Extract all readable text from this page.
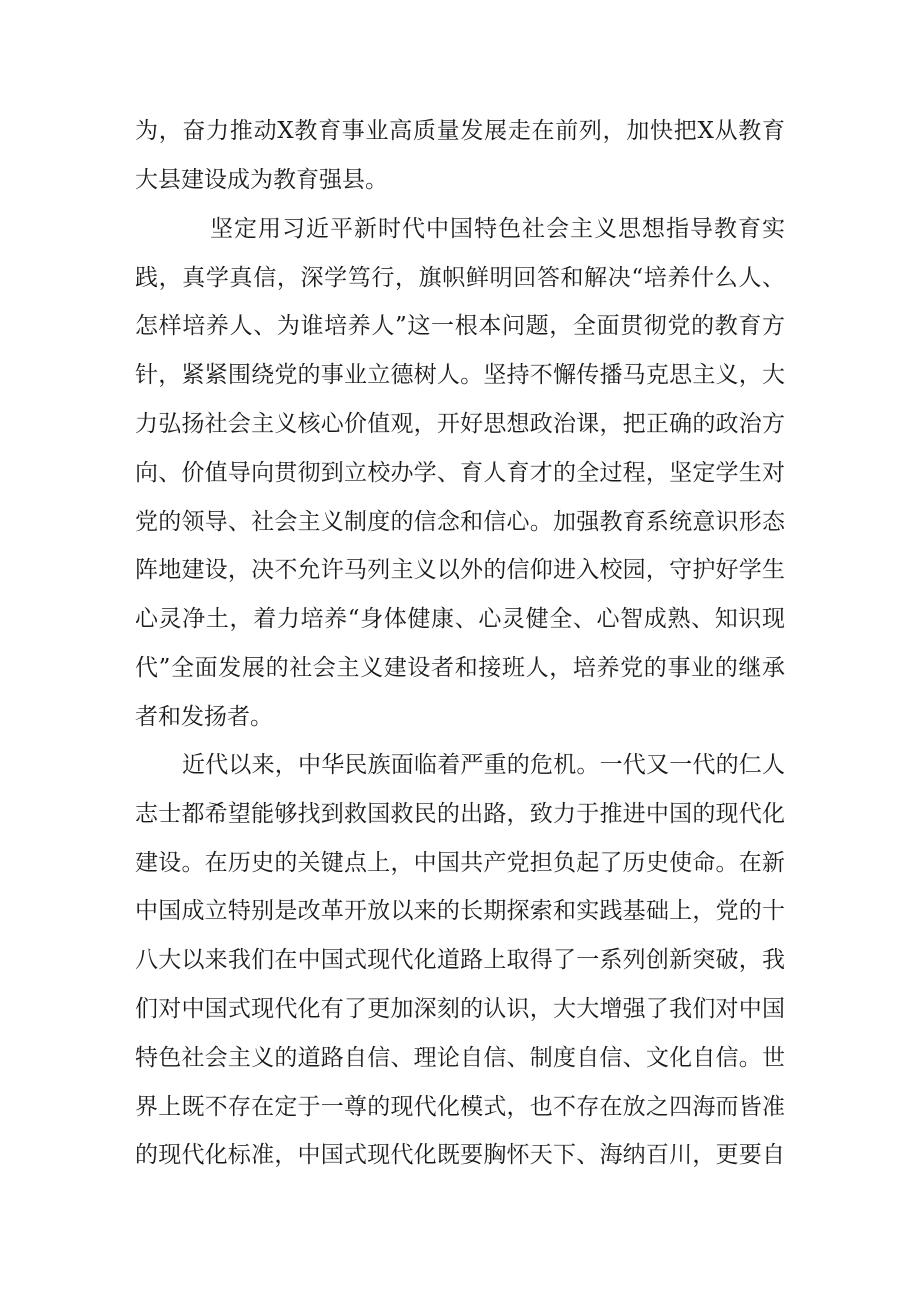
为，奋力推动X教育事业高质量发展走在前列，加快把X从教育
大县建设成为教育强县。
坚定用习近平新时代中国特色社会主义思想指导教育实
践，真学真信，深学笃行，旗帜鲜明回答和解决“培养什么人、
怎样培养人、为谁培养人”这一根本问题，全面贯彻党的教育方
针，紧紧围绕党的事业立德树人。坚持不懈传播马克思主义，大
力弘扬社会主义核心价值观，开好思想政治课，把正确的政治方
向、价值导向贯彻到立校办学、育人育才的全过程，坚定学生对
党的领导、社会主义制度的信念和信心。加强教育系统意识形态
阵地建设，决不允许马列主义以外的信仰进入校园，守护好学生
心灵净土，着力培养“身体健康、心灵健全、心智成熟、知识现
代”全面发展的社会主义建设者和接班人，培养党的事业的继承
者和发扬者。
近代以来，中华民族面临着严重的危机。一代又一代的仁人
志士都希望能够找到救国救民的出路，致力于推进中国的现代化
建设。在历史的关键点上，中国共产党担负起了历史使命。在新
中国成立特别是改革开放以来的长期探索和实践基础上，党的十
八大以来我们在中国式现代化道路上取得了一系列创新突破，我
们对中国式现代化有了更加深刻的认识，大大增强了我们对中国
特色社会主义的道路自信、理论自信、制度自信、文化自信。世
界上既不存在定于一尊的现代化模式，也不存在放之四海而皆准
的现代化标准，中国式现代化既要胸怀天下、海纳百川，更要自
